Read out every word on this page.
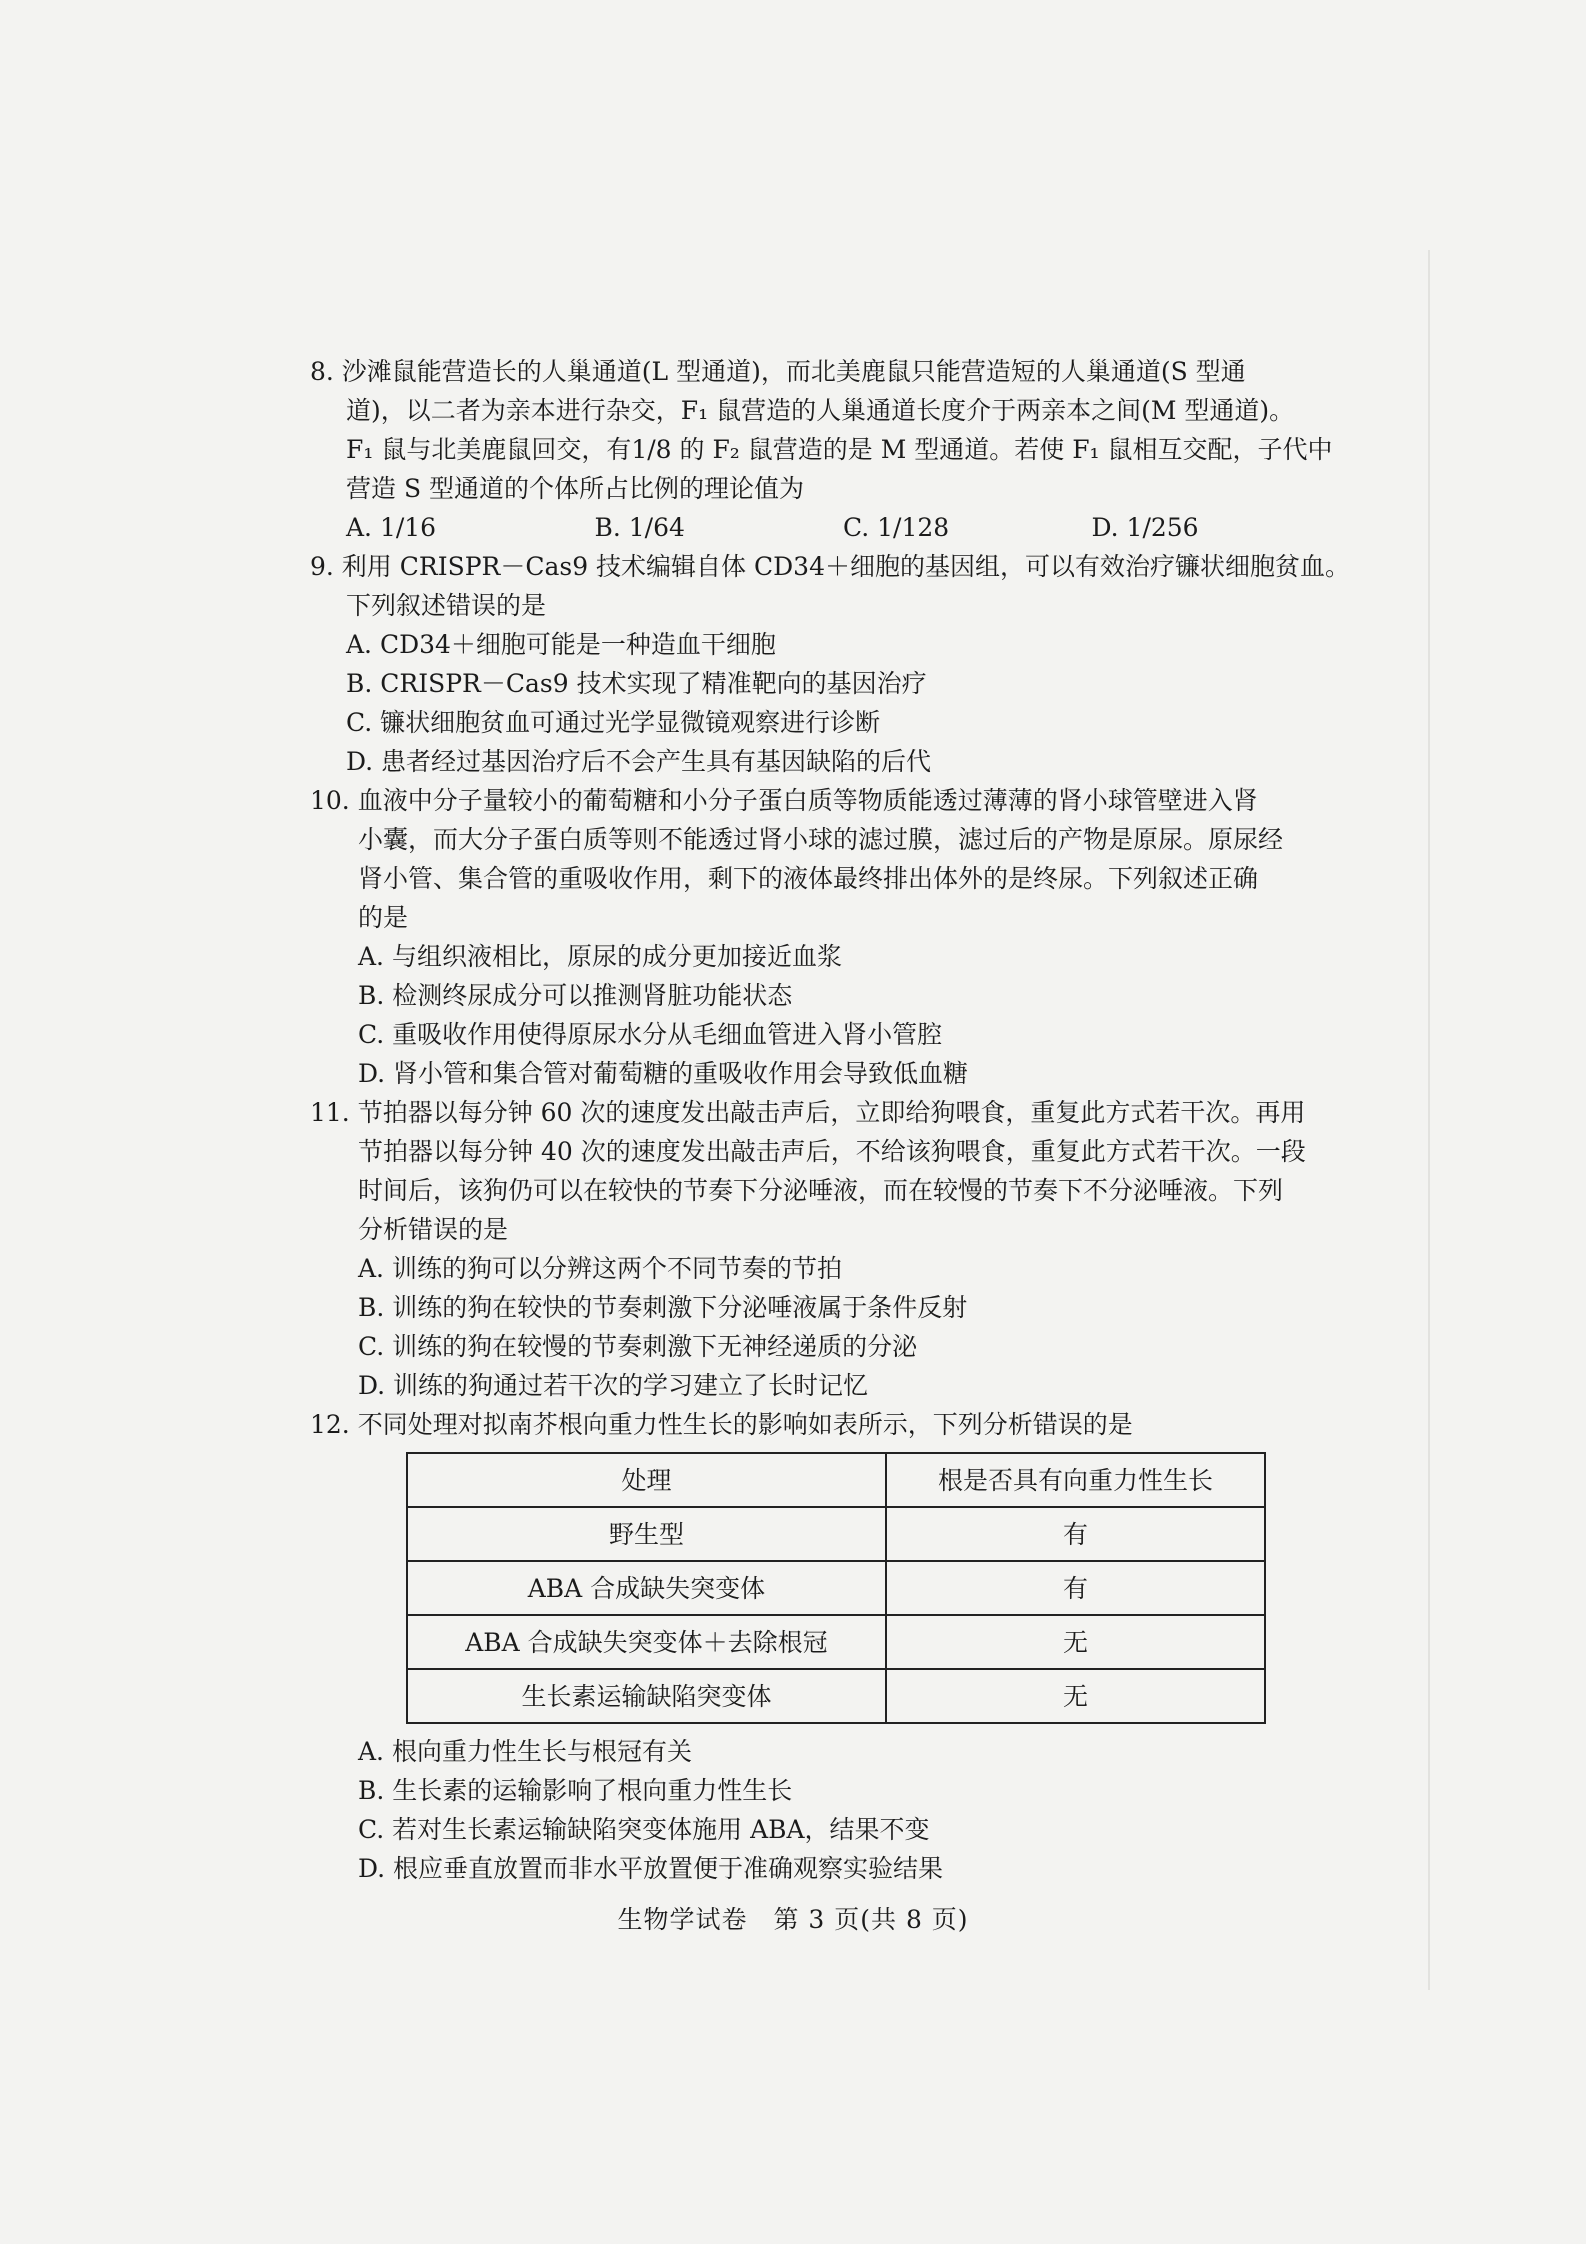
8. 沙滩鼠能营造长的人巢通道(L 型通道)，而北美鹿鼠只能营造短的人巢通道(S 型通
道)，以二者为亲本进行杂交，F₁ 鼠营造的人巢通道长度介于两亲本之间(M 型通道)。
F₁ 鼠与北美鹿鼠回交，有1/8 的 F₂ 鼠营造的是 M 型通道。若使 F₁ 鼠相互交配，子代中
营造 S 型通道的个体所占比例的理论值为
A. 1/16	B. 1/64	C. 1/128	D. 1/256
9. 利用 CRISPR－Cas9 技术编辑自体 CD34＋细胞的基因组，可以有效治疗镰状细胞贫血。
下列叙述错误的是
A. CD34＋细胞可能是一种造血干细胞
B. CRISPR－Cas9 技术实现了精准靶向的基因治疗
C. 镰状细胞贫血可通过光学显微镜观察进行诊断
D. 患者经过基因治疗后不会产生具有基因缺陷的后代
10. 血液中分子量较小的葡萄糖和小分子蛋白质等物质能透过薄薄的肾小球管壁进入肾
小囊，而大分子蛋白质等则不能透过肾小球的滤过膜，滤过后的产物是原尿。原尿经
肾小管、集合管的重吸收作用，剩下的液体最终排出体外的是终尿。下列叙述正确
的是
A. 与组织液相比，原尿的成分更加接近血浆
B. 检测终尿成分可以推测肾脏功能状态
C. 重吸收作用使得原尿水分从毛细血管进入肾小管腔
D. 肾小管和集合管对葡萄糖的重吸收作用会导致低血糖
11. 节拍器以每分钟 60 次的速度发出敲击声后，立即给狗喂食，重复此方式若干次。再用
节拍器以每分钟 40 次的速度发出敲击声后，不给该狗喂食，重复此方式若干次。一段
时间后，该狗仍可以在较快的节奏下分泌唾液，而在较慢的节奏下不分泌唾液。下列
分析错误的是
A. 训练的狗可以分辨这两个不同节奏的节拍
B. 训练的狗在较快的节奏刺激下分泌唾液属于条件反射
C. 训练的狗在较慢的节奏刺激下无神经递质的分泌
D. 训练的狗通过若干次的学习建立了长时记忆
12. 不同处理对拟南芥根向重力性生长的影响如表所示，下列分析错误的是
处理	根是否具有向重力性生长
野生型	有
ABA 合成缺失突变体	有
ABA 合成缺失突变体＋去除根冠	无
生长素运输缺陷突变体	无
A. 根向重力性生长与根冠有关
B. 生长素的运输影响了根向重力性生长
C. 若对生长素运输缺陷突变体施用 ABA，结果不变
D. 根应垂直放置而非水平放置便于准确观察实验结果
生物学试卷　第 3 页(共 8 页)
